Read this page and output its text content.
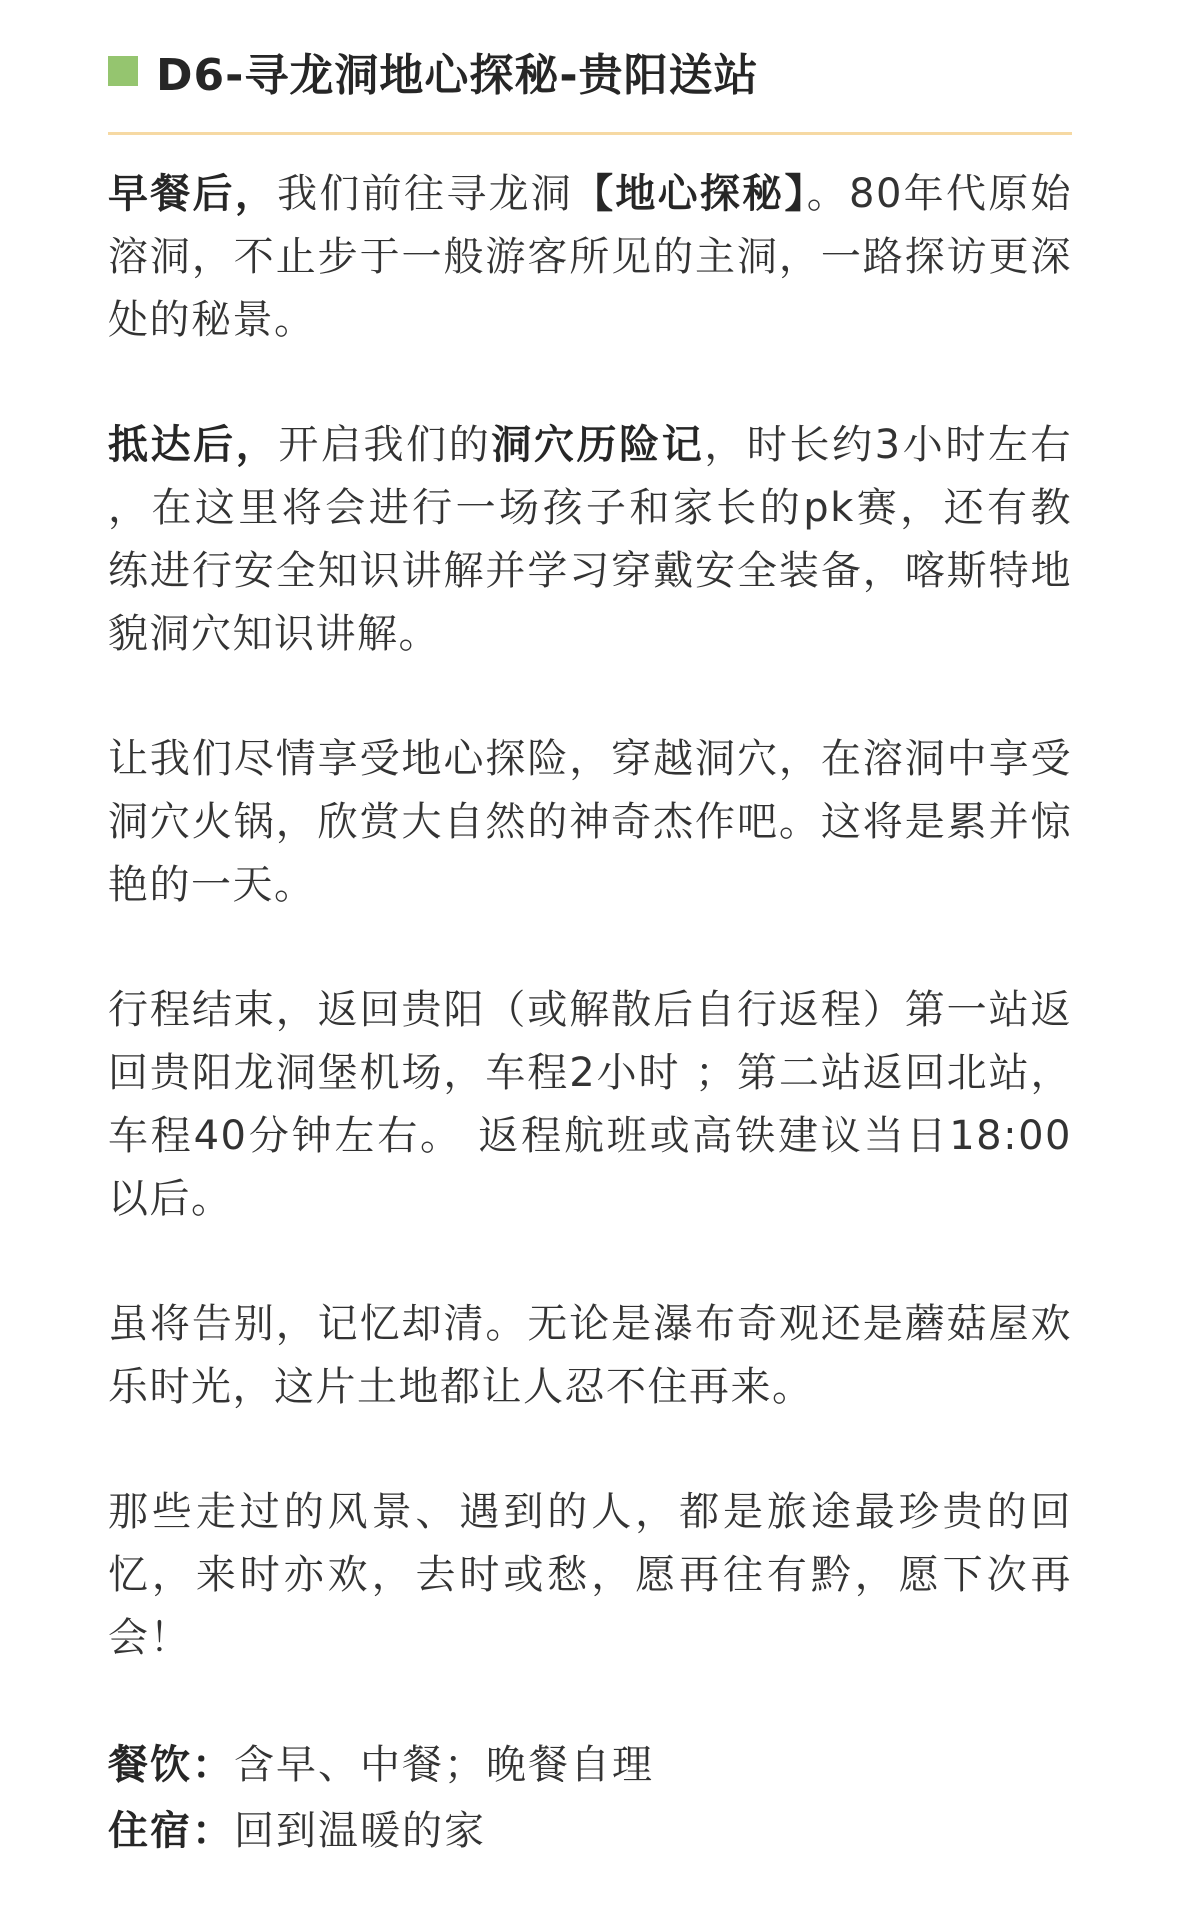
D6-寻龙洞地心探秘-贵阳送站

早餐后，我们前往寻龙洞【地心探秘】。80年代原始溶洞，不止步于一般游客所见的主洞，一路探访更深处的秘景。

抵达后，开启我们的洞穴历险记，时长约3小时左右 ，在这里将会进行一场孩子和家长的pk赛，还有教练进行安全知识讲解并学习穿戴安全装备，喀斯特地貌洞穴知识讲解。

让我们尽情享受地心探险，穿越洞穴，在溶洞中享受洞穴火锅，欣赏大自然的神奇杰作吧。这将是累并惊艳的一天。

行程结束，返回贵阳（或解散后自行返程）第一站返回贵阳龙洞堡机场，车程2小时 ；第二站返回北站，车程40分钟左右。 返程航班或高铁建议当日18:00以后。

虽将告别，记忆却清。无论是瀑布奇观还是蘑菇屋欢乐时光，这片土地都让人忍不住再来。

那些走过的风景、遇到的人，都是旅途最珍贵的回忆，来时亦欢，去时或愁，愿再往有黔，愿下次再会！

餐饮：含早、中餐；晚餐自理

住宿：回到温暖的家
